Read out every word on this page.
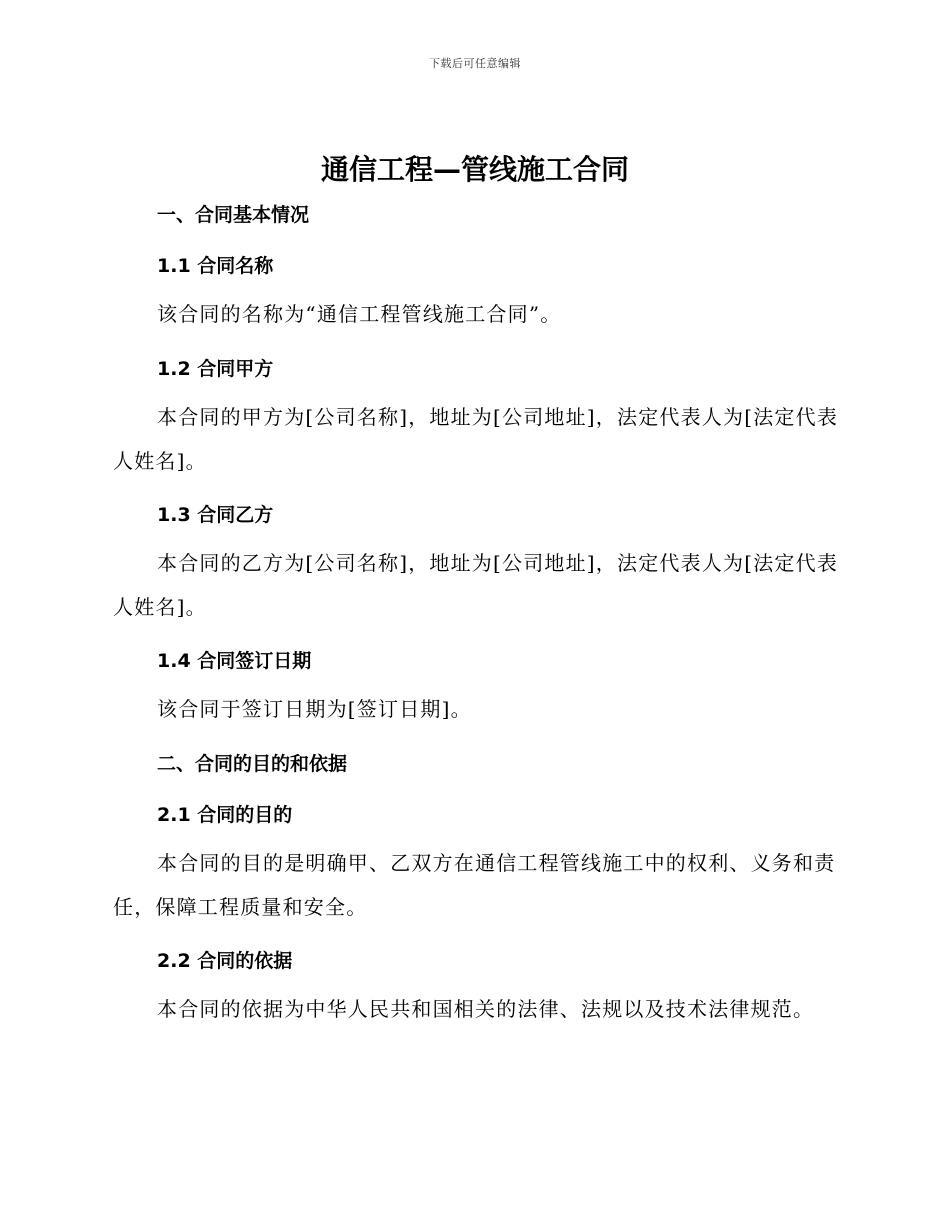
下载后可任意编辑
通信工程—管线施工合同
一、合同基本情况
1.1 合同名称

该合同的名称为“通信工程管线施工合同”。

1.2 合同甲方

本合同的甲方为[公司名称]，地址为[公司地址]，法定代表人为[法定代表人姓名]。

1.3 合同乙方

本合同的乙方为[公司名称]，地址为[公司地址]，法定代表人为[法定代表人姓名]。

1.4 合同签订日期

该合同于签订日期为[签订日期]。

二、合同的目的和依据
2.1 合同的目的

本合同的目的是明确甲、乙双方在通信工程管线施工中的权利、义务和责任，保障工程质量和安全。

2.2 合同的依据

本合同的依据为中华人民共和国相关的法律、法规以及技术法律规范。
